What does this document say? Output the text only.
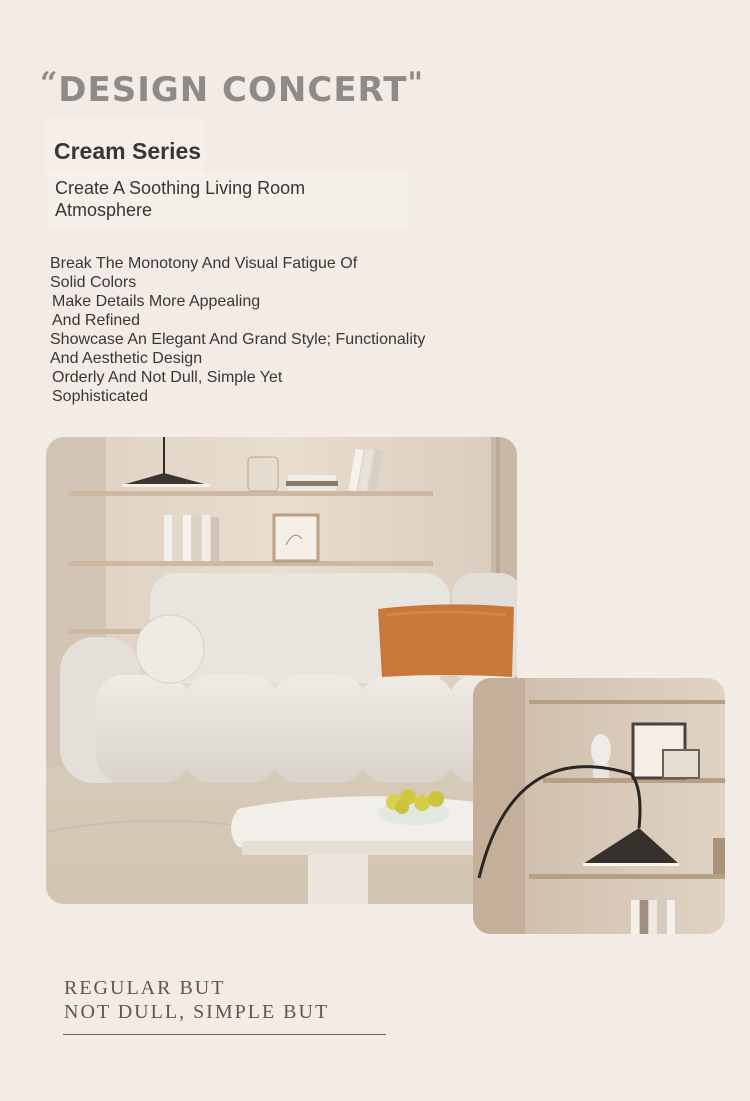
“DESIGN CONCERT"
Cream Series
Create A Soothing Living Room Atmosphere
Break The Monotony And Visual Fatigue Of
Solid Colors
Make Details More Appealing
And Refined
Showcase An Elegant And Grand Style; Functionality
And Aesthetic Design
Orderly And Not Dull, Simple Yet
Sophisticated
REGULAR BUT
NOT DULL, SIMPLE BUT
